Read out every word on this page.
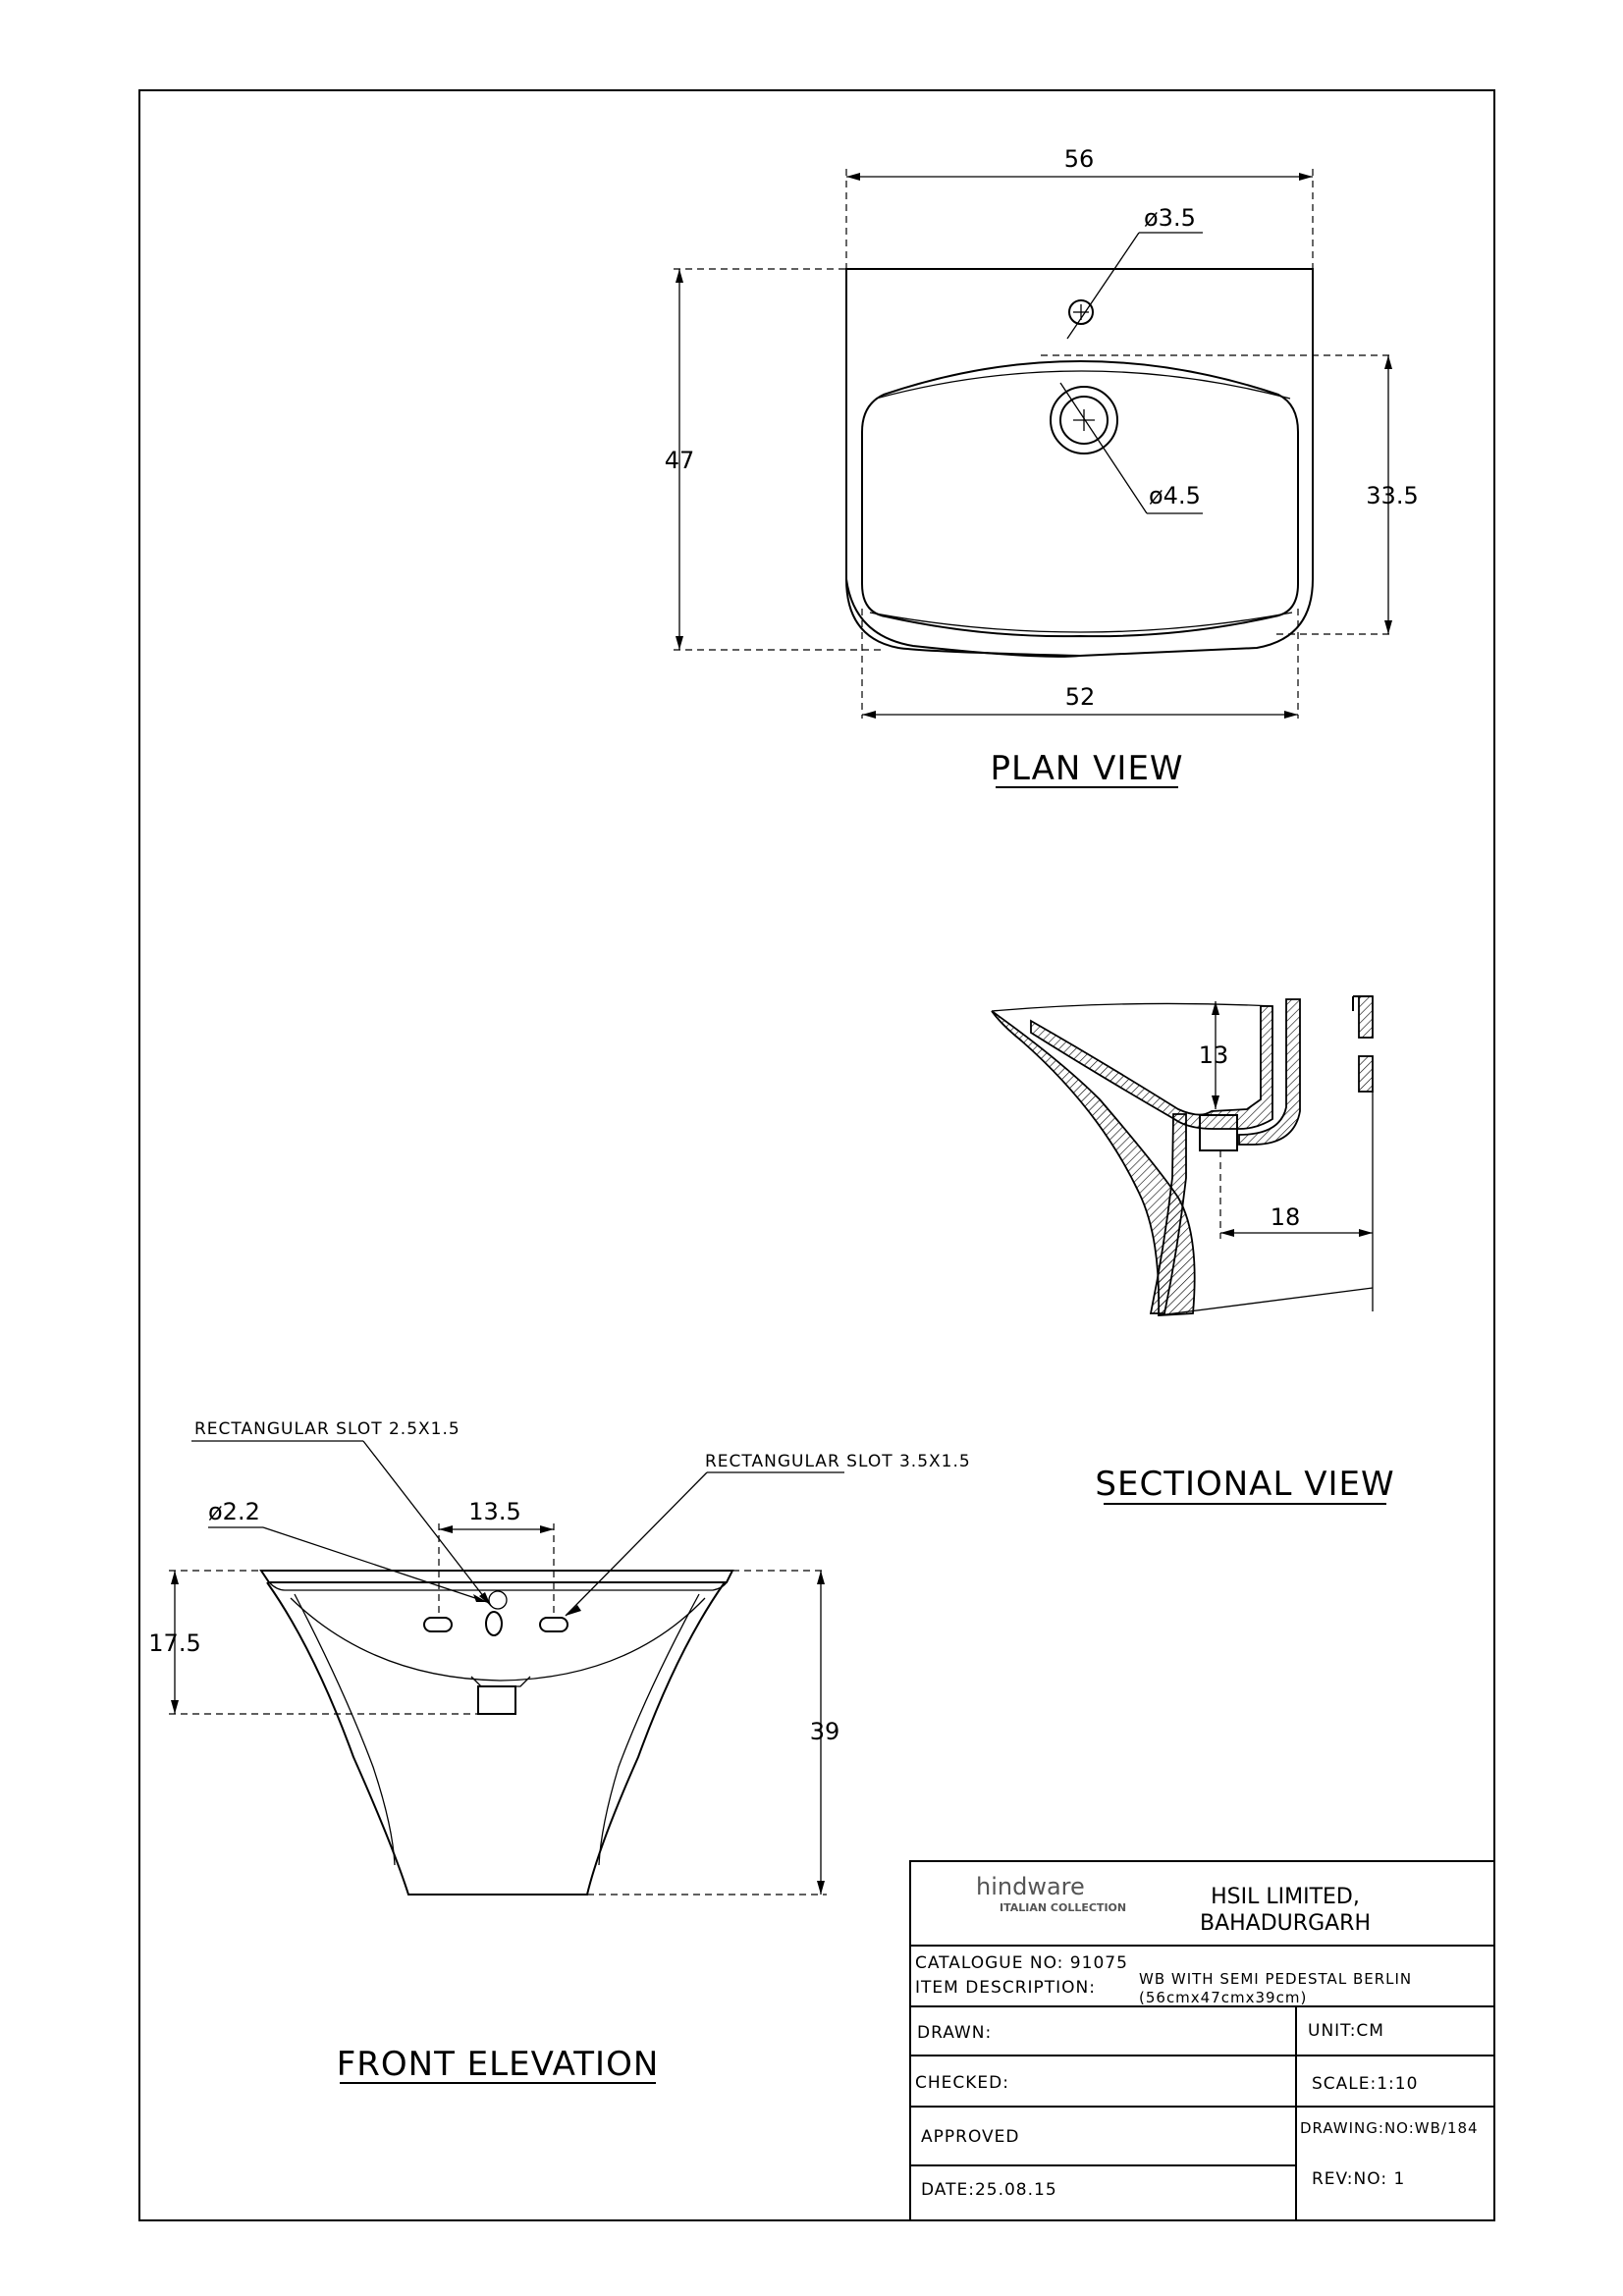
56
47
33.5
52
ø3.5
ø4.5
PLAN VIEW
13
18
SECTIONAL VIEW
13.5
RECTANGULAR SLOT 2.5X1.5
RECTANGULAR SLOT 3.5X1.5
ø2.2
17.5
39
FRONT ELEVATION
hindware
ITALIAN COLLECTION	HSIL LIMITED,
BAHADURGARH
CATALOGUE NO: 91075
ITEM DESCRIPTION:	WB WITH SEMI PEDESTAL BERLIN
(56cmx47cmx39cm)
DRAWN:
CHECKED:
APPROVED
DATE:25.08.15
UNIT:CM
SCALE:1:10
DRAWING:NO:WB/184
REV:NO: 1
